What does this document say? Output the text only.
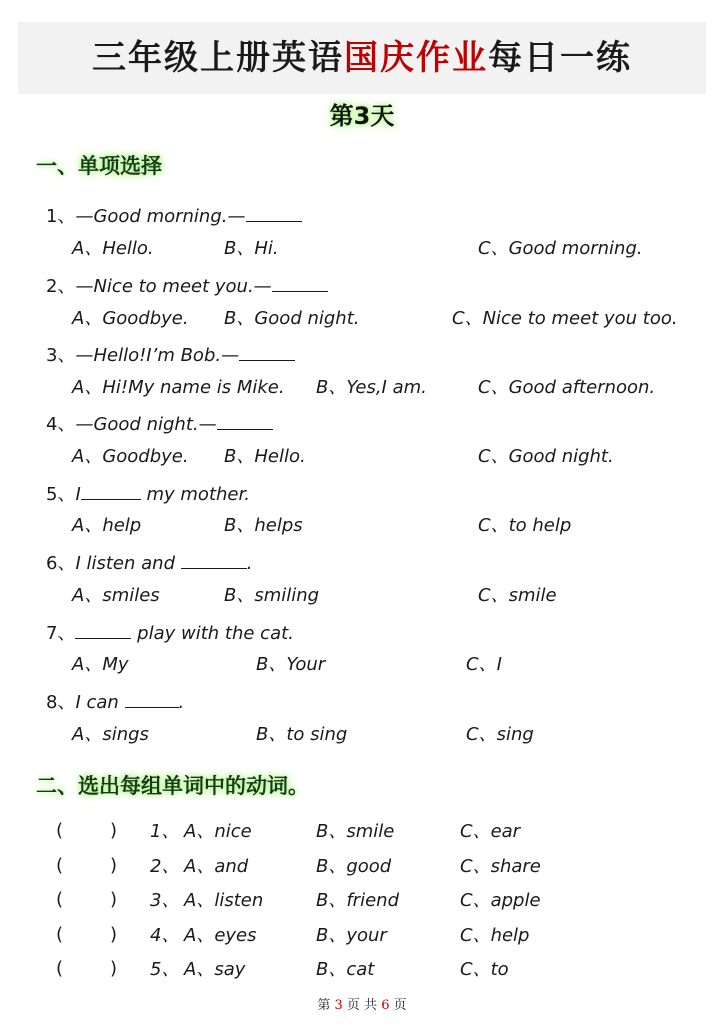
三年级上册英语国庆作业每日一练
第3天
一、单项选择
1、—Good morning.—
A、Hello.	B、Hi.	C、Good morning.
2、—Nice to meet you.—
A、Goodbye. B、Good night.	C、Nice to meet you too.
3、—Hello!I’m Bob.—
A、Hi!My name is Mike. B、Yes,I am.	C、Good afternoon.
4、—Good night.—
A、Goodbye. B、Hello.	C、Good night.
5、I	my mother.
A、help	B、helps	C、to help
6、I listen and	.
A、smiles	B、smiling	C、smile
7、	play with the cat.
A、My	B、Your	C、I
8、I can	.
A、sings	B、to sing	C、sing
二、选出每组单词中的动词。
(	) 1、 A、nice	B、smile	C、ear
(	) 2、 A、and	B、good	C、share
(	) 3、 A、listen	B、friend	C、apple
(	) 4、 A、eyes	B、your	C、help
(	) 5、 A、say	B、cat	C、to
第 3 页 共 6 页
